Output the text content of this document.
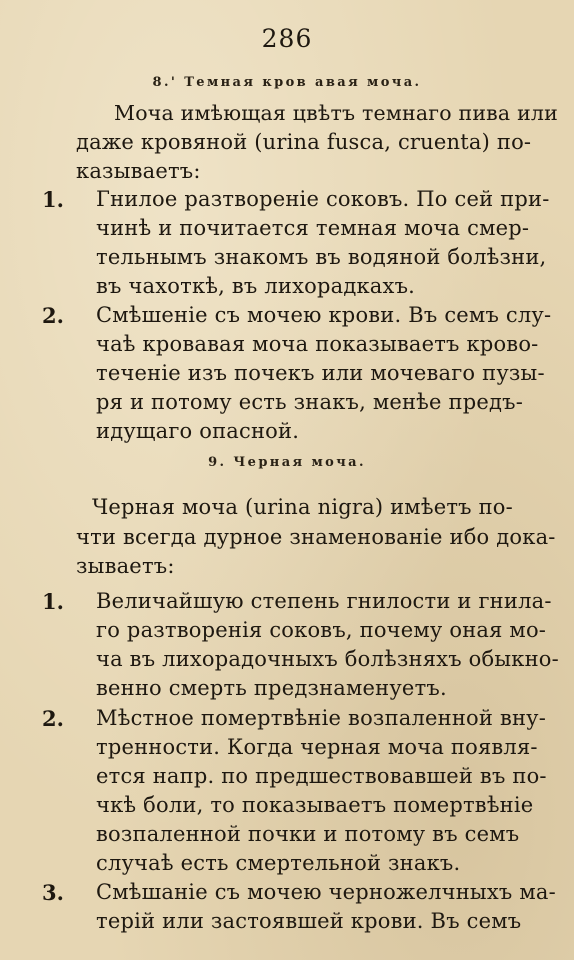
286
8.' Темная кров авая моча.
Моча имѣющая цвѣтъ темнаго пива или
даже кровяной (urina fusca, cruenta) по-
казываетъ:
1. Гнилое разтвореніе соковъ. По сей при-
чинѣ и почитается темная моча смер-
тельнымъ знакомъ въ водяной болѣзни,
въ чахоткѣ, въ лихорадкахъ.
2. Смѣшеніе съ мочею крови. Въ семъ слу-
чаѣ кровавая моча показываетъ крово-
теченіе изъ почекъ или мочеваго пузы-
ря и потому есть знакъ, менѣе предъ-
идущаго опасной.
9. Черная моча.
Черная моча (urina nigra) имѣетъ по-
чти всегда дурное знаменованіе ибо дока-
зываетъ:
1. Величайшую степень гнилости и гнила-
го разтворенія соковъ, почему оная мо-
ча въ лихорадочныхъ болѣзняхъ обыкно-
венно смерть предзнаменуетъ.
2. Мѣстное помертвѣніе возпаленной вну-
тренности. Когда черная моча появля-
ется напр. по предшествовавшей въ по-
чкѣ боли, то показываетъ помертвѣніе
возпаленной почки и потому въ семъ
случаѣ есть смертельной знакъ.
3. Смѣшаніе съ мочею черножелчныхъ ма-
терій или застоявшей крови. Въ семъ
